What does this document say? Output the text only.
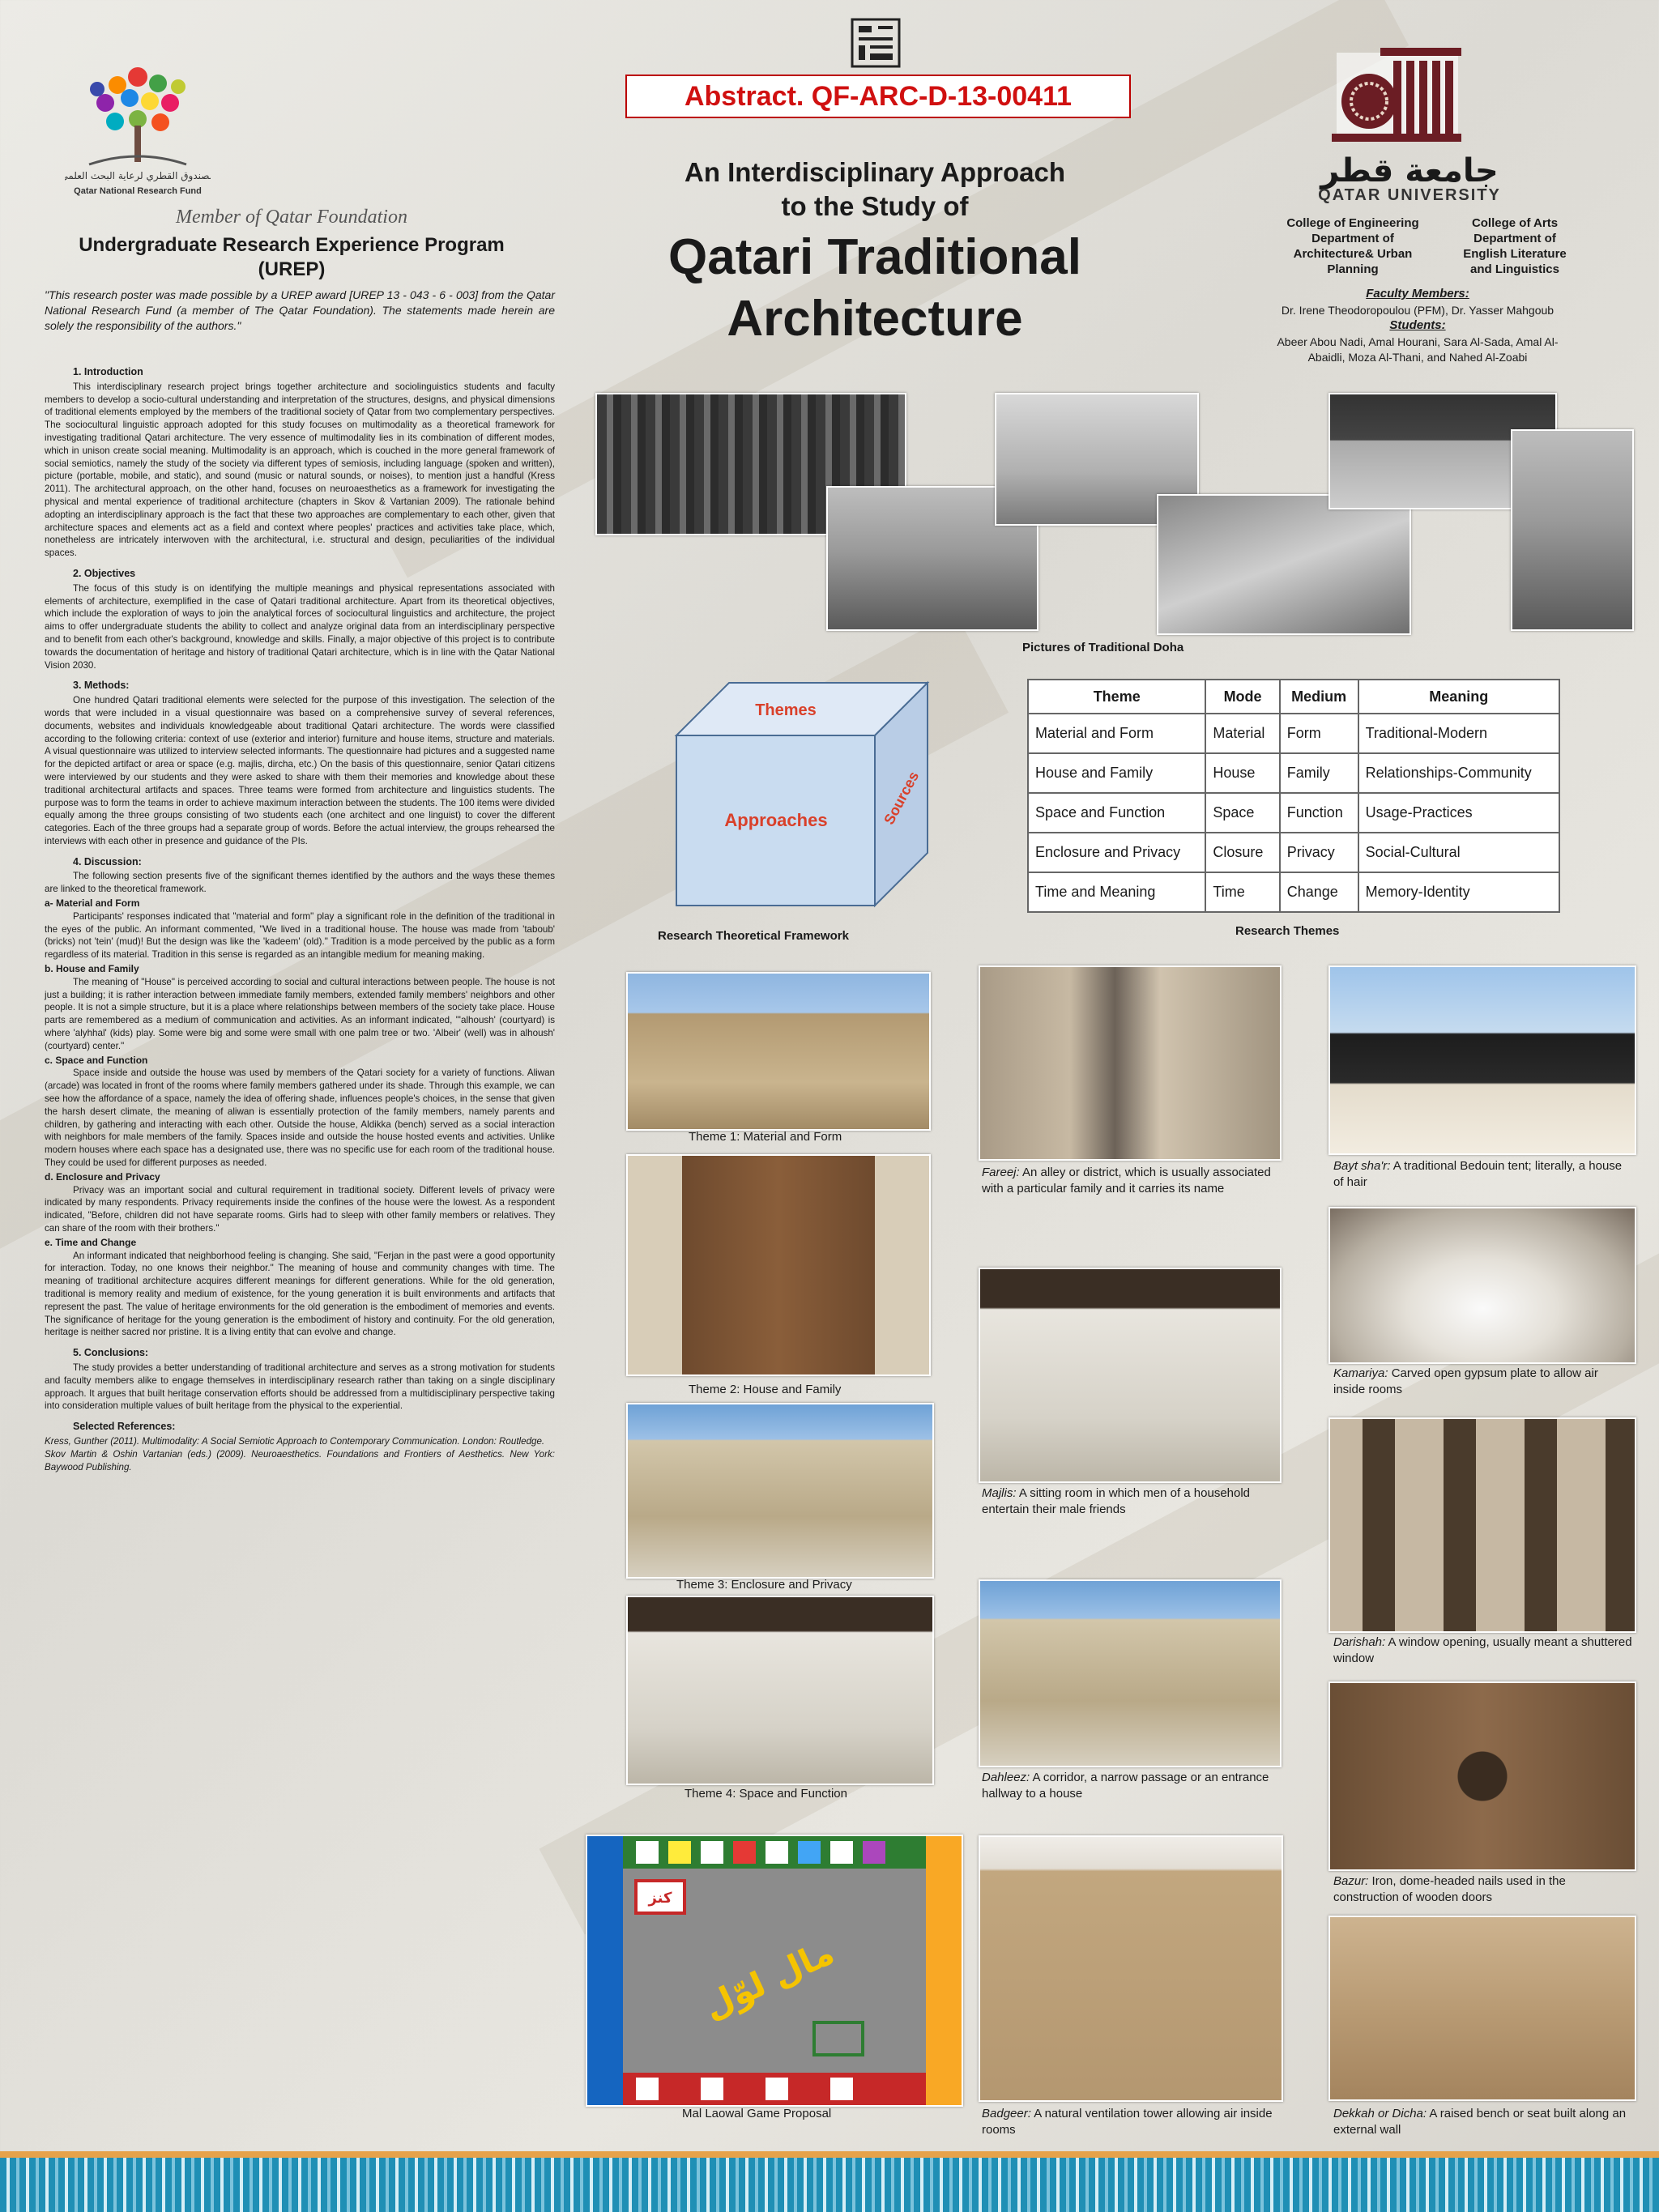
الصندوق القطري لرعاية البحث العلمي
Qatar National Research Fund
Member of Qatar Foundation
Undergraduate Research Experience Program
(UREP)
"This research poster was made possible by a UREP award [UREP 13 - 043 - 6 - 003] from the Qatar National Research Fund (a member of The Qatar Foundation). The statements made herein are solely the responsibility of the authors."
1. Introduction

This interdisciplinary research project brings together architecture and sociolinguistics students and faculty members to develop a socio-cultural understanding and interpretation of the structures, designs, and physical dimensions of traditional elements employed by the members of the traditional society of Qatar from two complementary perspectives. The sociocultural linguistic approach adopted for this study focuses on multimodality as a theoretical framework for investigating traditional Qatari architecture. The very essence of multimodality lies in its combination of different modes, which in unison create social meaning. Multimodality is an approach, which is couched in the more general framework of social semiotics, namely the study of the society via different types of semiosis, including language (spoken and written), picture (portable, mobile, and static), and sound (music or natural sounds, or noises), to mention just a handful (Kress 2011). The architectural approach, on the other hand, focuses on neuroaesthetics as a framework for investigating the physical and mental experience of traditional architecture (chapters in Skov & Vartanian 2009). The rationale behind adopting an interdisciplinary approach is the fact that these two approaches are complementary to each other, given that architecture spaces and elements act as a field and context where peoples' practices and activities take place, which, nonetheless are intricately interwoven with the architectural, i.e. structural and design, peculiarities of the individual spaces.

2. Objectives

The focus of this study is on identifying the multiple meanings and physical representations associated with elements of architecture, exemplified in the case of Qatari traditional architecture. Apart from its theoretical objectives, which include the exploration of ways to join the analytical forces of sociocultural linguistics and architecture, the project aims to offer undergraduate students the ability to collect and analyze original data from an interdisciplinary perspective and to benefit from each other's background, knowledge and skills. Finally, a major objective of this project is to contribute towards the documentation of heritage and history of traditional Qatari architecture, which is in line with the Qatar National Vision 2030.

3. Methods:

One hundred Qatari traditional elements were selected for the purpose of this investigation. The selection of the words that were included in a visual questionnaire was based on a comprehensive survey of several references, documents, websites and individuals knowledgeable about traditional Qatari architecture. The words were classified according to the following criteria: context of use (exterior and interior) furniture and house items, structure and materials. A visual questionnaire was utilized to interview selected informants. The questionnaire had pictures and a suggested name for the depicted artifact or area or space (e.g. majlis, dircha, etc.) On the basis of this questionnaire, senior Qatari citizens were interviewed by our students and they were asked to share with them their memories and knowledge about these traditional architectural artifacts and spaces. Three teams were formed from architecture and linguistics students. The purpose was to form the teams in order to achieve maximum interaction between the students. The 100 items were divided equally among the three groups consisting of two students each (one architect and one linguist) to cover the different categories. Each of the three groups had a separate group of words. Before the actual interview, the groups rehearsed the interviews with each other in presence and guidance of the PIs.

4. Discussion:

The following section presents five of the significant themes identified by the authors and the ways these themes are linked to the theoretical framework.

a- Material and Form

Participants' responses indicated that "material and form" play a significant role in the definition of the traditional in the eyes of the public. An informant commented, "We lived in a traditional house. The house was made from 'taboub' (bricks) not 'tein' (mud)! But the design was like the 'kadeem' (old)." Tradition is a mode perceived by the public as a form regardless of its material. Tradition in this sense is regarded as an intangible medium for meaning making.

b. House and Family

The meaning of "House" is perceived according to social and cultural interactions between people. The house is not just a building; it is rather interaction between immediate family members, extended family members' neighbors and other people. It is not a simple structure, but it is a place where relationships between members of the society take place. House parts are remembered as a medium of communication and activities. As an informant indicated, "'alhoush' (courtyard) is where 'alyhhal' (kids) play. Some were big and some were small with one palm tree or two. 'Albeir' (well) was in alhoush' (courtyard) center."

c. Space and Function

Space inside and outside the house was used by members of the Qatari society for a variety of functions. Aliwan (arcade) was located in front of the rooms where family members gathered under its shade. Through this example, we can see how the affordance of a space, namely the idea of offering shade, influences people's choices, in the sense that given the harsh desert climate, the meaning of aliwan is essentially protection of the family members, namely parents and children, by gathering and interacting with each other. Outside the house, Aldikka (bench) served as a social interaction with neighbors for male members of the family. Spaces inside and outside the house hosted events and activities. Unlike modern houses where each space has a designated use, there was no specific use for each room of the traditional house. They could be used for different purposes as needed.

d. Enclosure and Privacy

Privacy was an important social and cultural requirement in traditional society. Different levels of privacy were indicated by many respondents. Privacy requirements inside the confines of the house were the lowest. As a respondent indicated, "Before, children did not have separate rooms. Girls had to sleep with other family members or relatives. They can share of the room with their brothers."

e. Time and Change

An informant indicated that neighborhood feeling is changing. She said, "Ferjan in the past were a good opportunity for interaction. Today, no one knows their neighbor." The meaning of house and community changes with time. The meaning of traditional architecture acquires different meanings for different generations. While for the old generation, traditional is memory reality and medium of existence, for the young generation it is built environments and artifacts that represent the past. The value of heritage environments for the old generation is the embodiment of memories and events. The significance of heritage for the young generation is the embodiment of history and continuity. For the old generation, heritage is neither sacred nor pristine. It is a living entity that can evolve and change.

5. Conclusions:

The study provides a better understanding of traditional architecture and serves as a strong motivation for students and faculty members alike to engage themselves in interdisciplinary research rather than taking on a single disciplinary approach. It argues that built heritage conservation efforts should be addressed from a multidisciplinary perspective taking into consideration multiple values of built heritage from the physical to the experiential.

Selected References:

Kress, Gunther (2011). Multimodality: A Social Semiotic Approach to Contemporary Communication. London: Routledge.

Skov Martin & Oshin Vartanian (eds.) (2009). Neuroaesthetics. Foundations and Frontiers of Aesthetics. New York: Baywood Publishing.

Abstract. QF-ARC-D-13-00411
An Interdisciplinary Approach
to the Study of
Qatari Traditional
Architecture
جامعة قطر
QATAR UNIVERSITY
College of Engineering
Department of
Architecture& Urban
Planning
College of Arts
Department of
English Literature
and Linguistics
Faculty Members:
Dr. Irene Theodoropoulou (PFM), Dr. Yasser Mahgoub
Students:
Abeer Abou Nadi, Amal Hourani, Sara Al-Sada, Amal Al-
Abaidli, Moza Al-Thani, and Nahed Al-Zoabi
Pictures of Traditional Doha
Themes
Approaches	Sources
Research Theoretical Framework
Theme	Mode	Medium	Meaning
Material and Form	Material	Form	Traditional-Modern
House and Family	House	Family	Relationships-Community
Space and Function	Space	Function	Usage-Practices
Enclosure and Privacy	Closure	Privacy	Social-Cultural
Time and Meaning	Time	Change	Memory-Identity
Research Themes
Theme 1: Material and Form
Theme 2: House and Family
Theme 3: Enclosure and Privacy
Theme 4: Space and Function
كنز
مال لوّل
Mal Laowal Game Proposal
Fareej: An alley or district, which is usually associated with a particular family and it carries its name
Majlis: A sitting room in which men of a household entertain their male friends
Dahleez: A corridor, a narrow passage or an entrance hallway to a house
Badgeer: A natural ventilation tower allowing air inside rooms
Bayt sha'r: A traditional Bedouin tent; literally, a house of hair
Kamariya: Carved open gypsum plate to allow air inside rooms
Darishah: A window opening, usually meant a shuttered window
Bazur: Iron, dome-headed nails used in the construction of wooden doors
Dekkah or Dicha: A raised bench or seat built along an external wall
